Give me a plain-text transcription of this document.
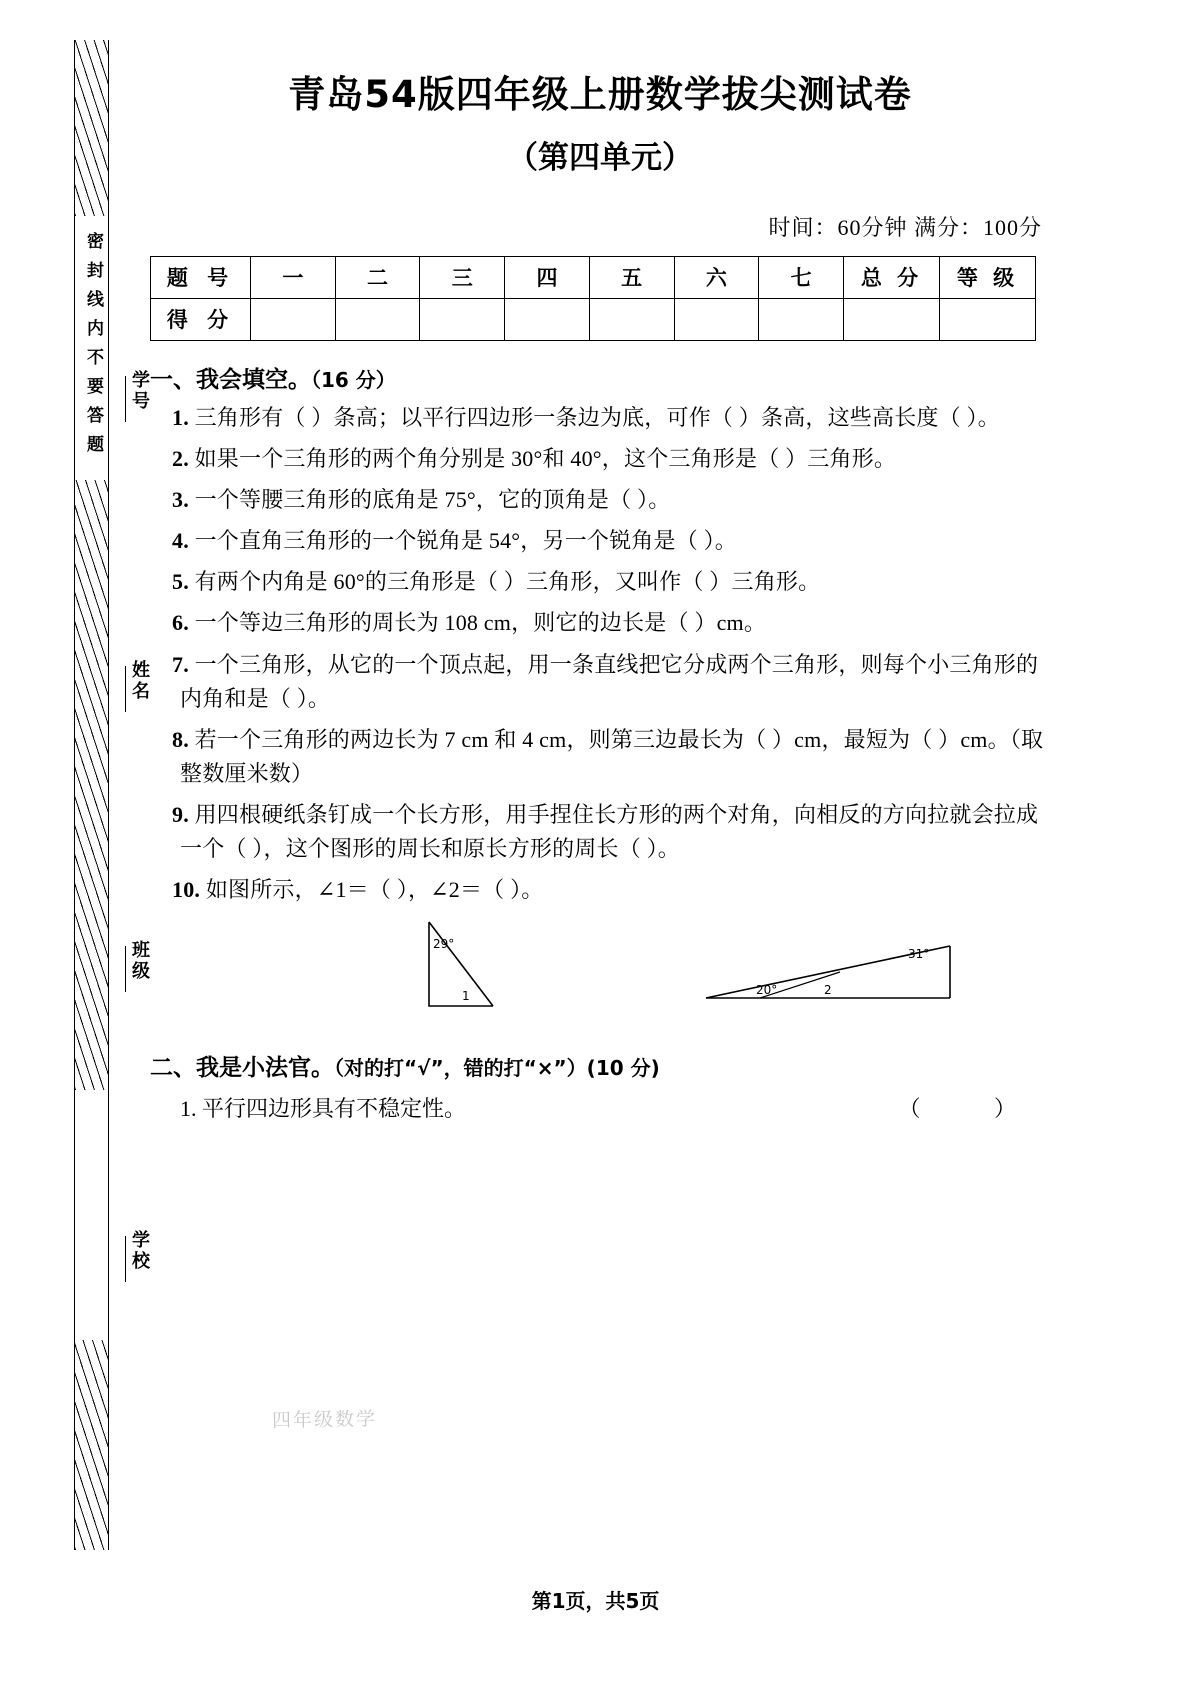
密封线内不要答题	学号
姓名
班级
学校
青岛54版四年级上册数学拔尖测试卷
（第四单元）
时间：60分钟 满分：100分
题 号	一	二	三	四	五	六	七	总 分	等 级
得 分									
一、我会填空。（16 分）
1. 三角形有（ ）条高；以平行四边形一条边为底，可作（ ）条高，这些高长度（ ）。
2. 如果一个三角形的两个角分别是 30°和 40°，这个三角形是（ ）三角形。
3. 一个等腰三角形的底角是 75°，它的顶角是（ ）。
4. 一个直角三角形的一个锐角是 54°，另一个锐角是（ ）。
5. 有两个内角是 60°的三角形是（ ）三角形，又叫作（ ）三角形。
6. 一个等边三角形的周长为 108 cm，则它的边长是（ ）cm。
7. 一个三角形，从它的一个顶点起，用一条直线把它分成两个三角形，则每个小三角形的内角和是（ ）。
8. 若一个三角形的两边长为 7 cm 和 4 cm，则第三边最长为（ ）cm，最短为（ ）cm。（取整数厘米数）
9. 用四根硬纸条钉成一个长方形，用手捏住长方形的两个对角，向相反的方向拉就会拉成一个（ ），这个图形的周长和原长方形的周长（ ）。
10. 如图所示，∠1＝（ ），∠2＝（ ）。
29°
1	20°	2
31°
二、我是小法官。（对的打“√”，错的打“×”）(10 分)
1. 平行四边形具有不稳定性。	（ ）
四年级数学
第1页，共5页
